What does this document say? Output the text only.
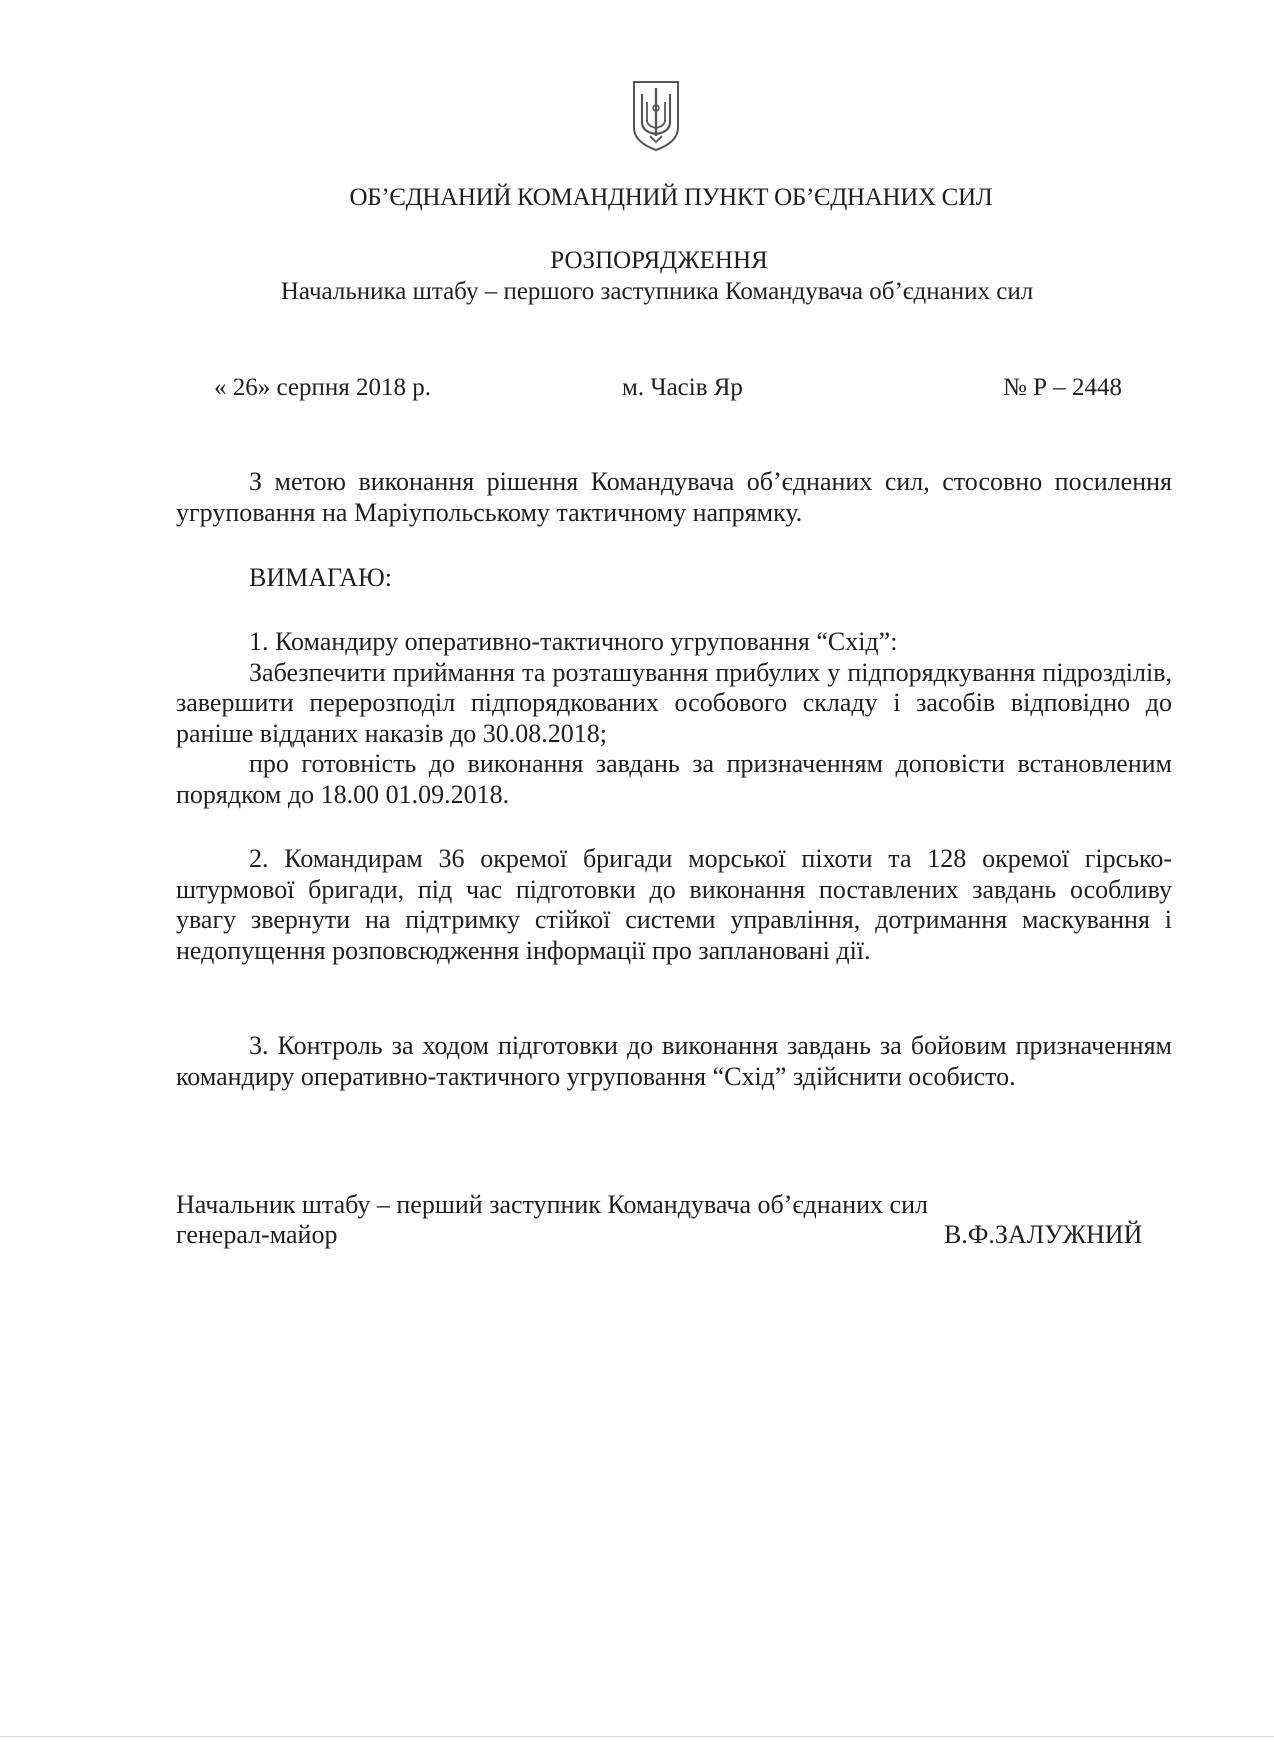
ОБ’ЄДНАНИЙ КОМАНДНИЙ ПУНКТ ОБ’ЄДНАНИХ СИЛ
РОЗПОРЯДЖЕННЯ
Начальника штабу – першого заступника Командувача об’єднаних сил
« 26» серпня 2018 р.	м. Часів Яр	№ Р – 2448

З метою виконання рішення Командувача об’єднаних сил, стосовно посилення угруповання на Маріупольському тактичному напрямку.

ВИМАГАЮ:

1. Командиру оперативно-тактичного угруповання “Схід”:

Забезпечити приймання та розташування прибулих у підпорядкування підрозділів, завершити перерозподіл підпорядкованих особового складу і засобів відповідно до раніше відданих наказів до 30.08.2018;

про готовність до виконання завдань за призначенням доповісти встановленим порядком до 18.00 01.09.2018.

2. Командирам 36 окремої бригади морської піхоти та 128 окремої гірсько-штурмової бригади, під час підготовки до виконання поставлених завдань особливу увагу звернути на підтримку стійкої системи управління, дотримання маскування і недопущення розповсюдження інформації про заплановані дії.

3. Контроль за ходом підготовки до виконання завдань за бойовим призначенням командиру оперативно-тактичного угруповання “Схід” здійснити особисто.

Начальник штабу – перший заступник Командувача об’єднаних сил
генерал-майор	В.Ф.ЗАЛУЖНИЙ
